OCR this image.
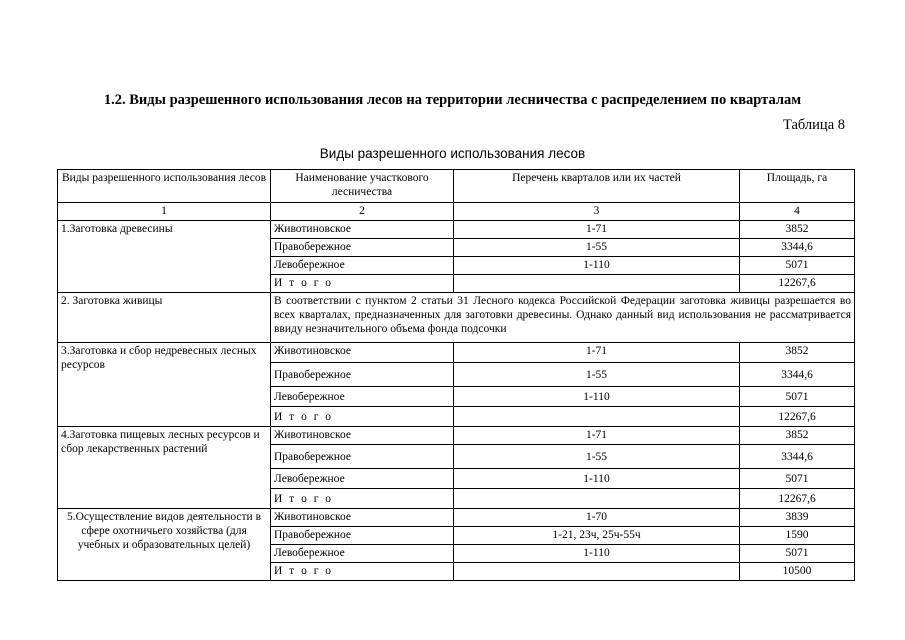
1.2. Виды разрешенного использования лесов на территории лесничества с распределением по кварталам
Таблица 8
Виды разрешенного использования лесов
Виды разрешенного использования лесов	Наименование участкового лесничества	Перечень кварталов или их частей	Площадь, га
1	2	3	4
1.Заготовка древесины	Животиновское	1-71	3852
	Правобережное	1-55	3344,6
	Левобережное	1-110	5071
	И т о г о		12267,6
2. Заготовка живицы	В соответствии с пунктом 2 статьи 31 Лесного кодекса Российской Федерации заготовка живицы разрешается во всех кварталах, предназначенных для заготовки древесины. Однако данный вид использования не рассматривается ввиду незначительного объема фонда подсочки		
3.Заготовка и сбор недревесных лесных ресурсов	Животиновское	1-71	3852
	Правобережное	1-55	3344,6
	Левобережное	1-110	5071
	И т о г о		12267,6
4.Заготовка пищевых лесных ресурсов и сбор лекарственных растений	Животиновское	1-71	3852
	Правобережное	1-55	3344,6
	Левобережное	1-110	5071
	И т о г о		12267,6
5.Осуществление видов деятельности в сфере охотничьего хозяйства (для учебных и образовательных целей)	Животиновское	1-70	3839
	Правобережное	1-21, 23ч, 25ч-55ч	1590
	Левобережное	1-110	5071
	И т о г о		10500
